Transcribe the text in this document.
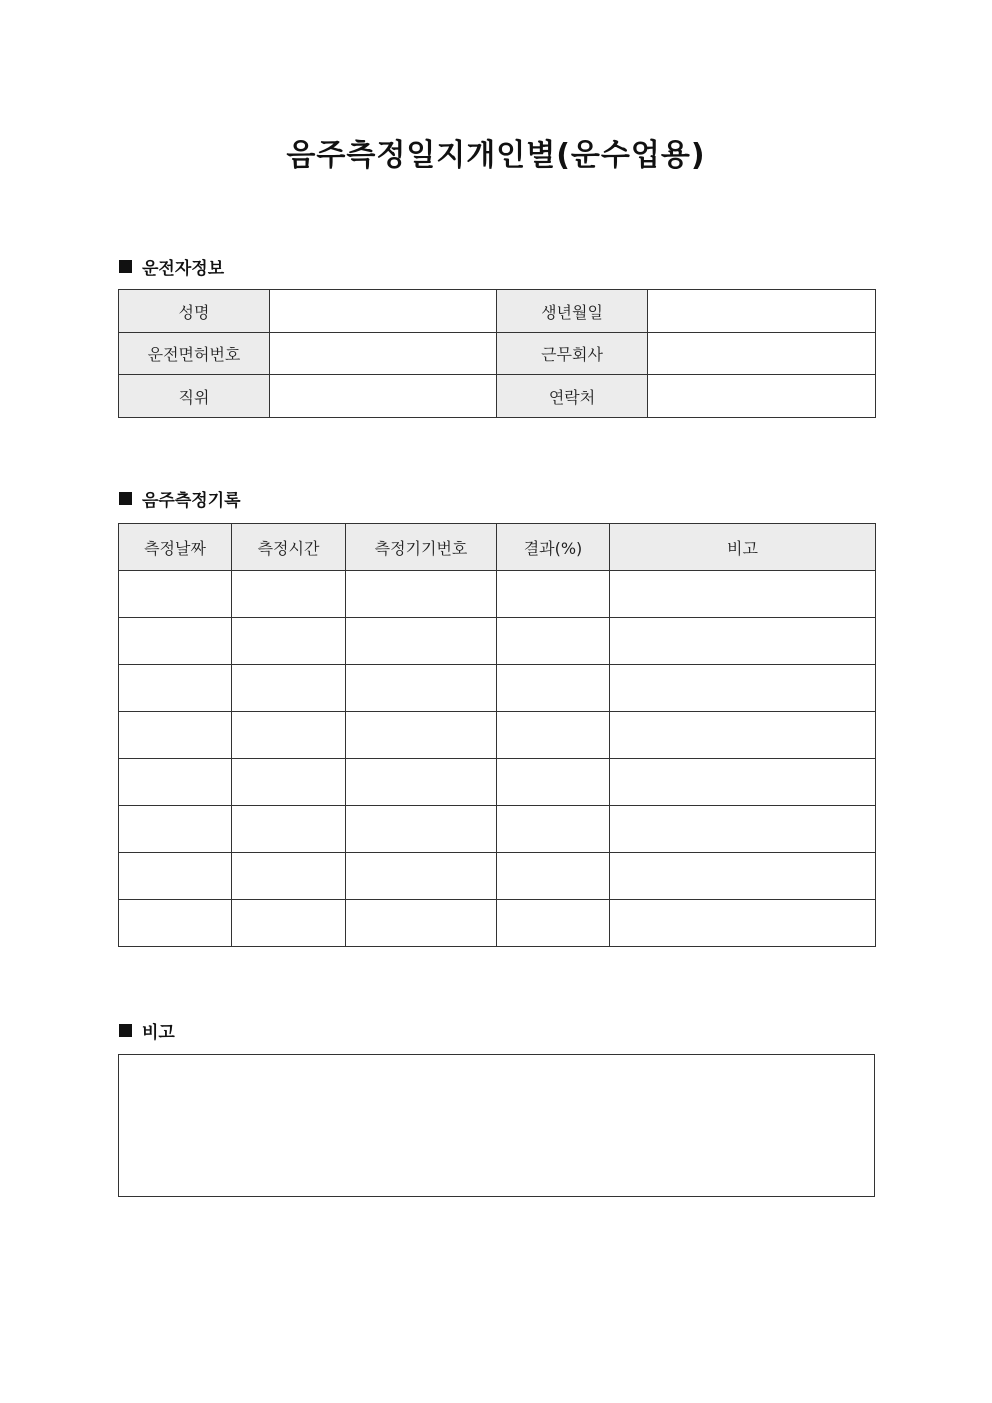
음주측정일지개인별(운수업용)
운전자정보
성명		생년월일	
운전면허번호		근무회사	
직위		연락처	
음주측정기록
측정날짜	측정시간	측정기기번호	결과(%)	비고

비고
